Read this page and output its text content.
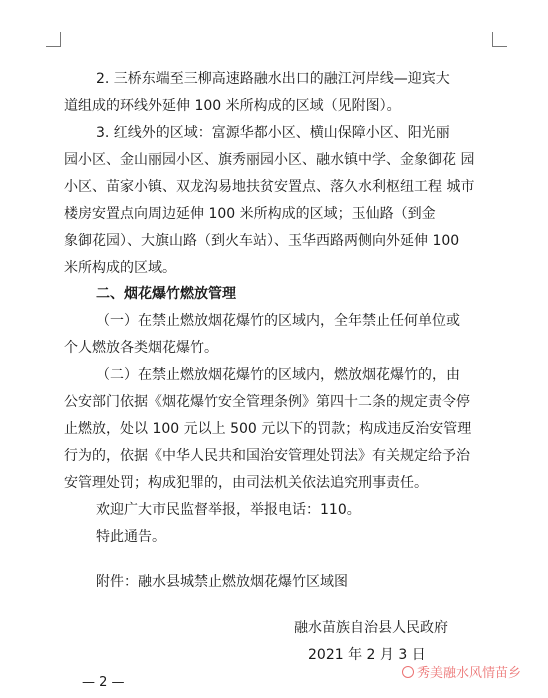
2. 三桥东端至三柳高速路融水出口的融江河岸线—迎宾大
道组成的环线外延伸 100 米所构成的区域（见附图）。
3. 红线外的区域：富源华都小区、横山保障小区、阳光丽
园小区、金山丽园小区、旗秀丽园小区、融水镇中学、金象御花 园
小区、苗家小镇、双龙沟易地扶贫安置点、落久水利枢纽工程 城市
楼房安置点向周边延伸 100 米所构成的区域；玉仙路（到金
象御花园）、大旗山路（到火车站）、玉华西路两侧向外延伸 100
米所构成的区域。
二、烟花爆竹燃放管理
（一）在禁止燃放烟花爆竹的区域内，全年禁止任何单位或
个人燃放各类烟花爆竹。
（二）在禁止燃放烟花爆竹的区域内，燃放烟花爆竹的，由
公安部门依据《烟花爆竹安全管理条例》第四十二条的规定责令停
止燃放，处以 100 元以上 500 元以下的罚款；构成违反治安管理
行为的，依据《中华人民共和国治安管理处罚法》有关规定给予治
安管理处罚；构成犯罪的，由司法机关依法追究刑事责任。
欢迎广大市民监督举报，举报电话：110。
特此通告。
附件：融水县城禁止燃放烟花爆竹区域图
融水苗族自治县人民政府
2021 年 2 月 3 日
— 2 —
秀美融水风情苗乡
